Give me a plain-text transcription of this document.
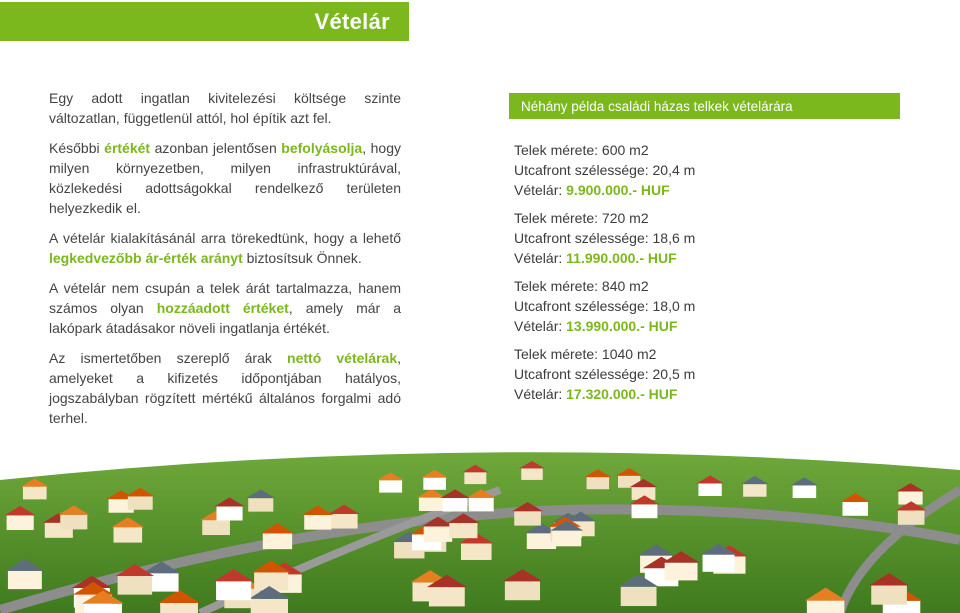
Vételár

Egy adott ingatlan kivitelezési költsége szinte változatlan, függetlenül attól, hol építik azt fel.

Későbbi értékét azonban jelentősen befolyásolja, hogy milyen környezetben, milyen infrastruktúrával, közlekedési adottságokkal rendelkező területen helyezkedik el.

A vételár kialakításánál arra törekedtünk, hogy a lehető legkedvezőbb ár-érték arányt biztosítsuk Önnek.

A vételár nem csupán a telek árát tartalmazza, hanem számos olyan hozzáadott értéket, amely már a lakópark átadásakor növeli ingatlanja értékét.

Az ismertetőben szereplő árak nettó vételárak, amelyeket a kifizetés időpontjában hatályos, jogszabályban rögzített mértékű általános forgalmi adó terhel.

Néhány példa családi házas telkek vételárára
Telek mérete: 600 m2
Utcafront szélessége: 20,4 m
Vételár: 9.900.000.- HUF
Telek mérete: 720 m2
Utcafront szélessége: 18,6 m
Vételár: 11.990.000.- HUF
Telek mérete: 840 m2
Utcafront szélessége: 18,0 m
Vételár: 13.990.000.- HUF
Telek mérete: 1040 m2
Utcafront szélessége: 20,5 m
Vételár: 17.320.000.- HUF
